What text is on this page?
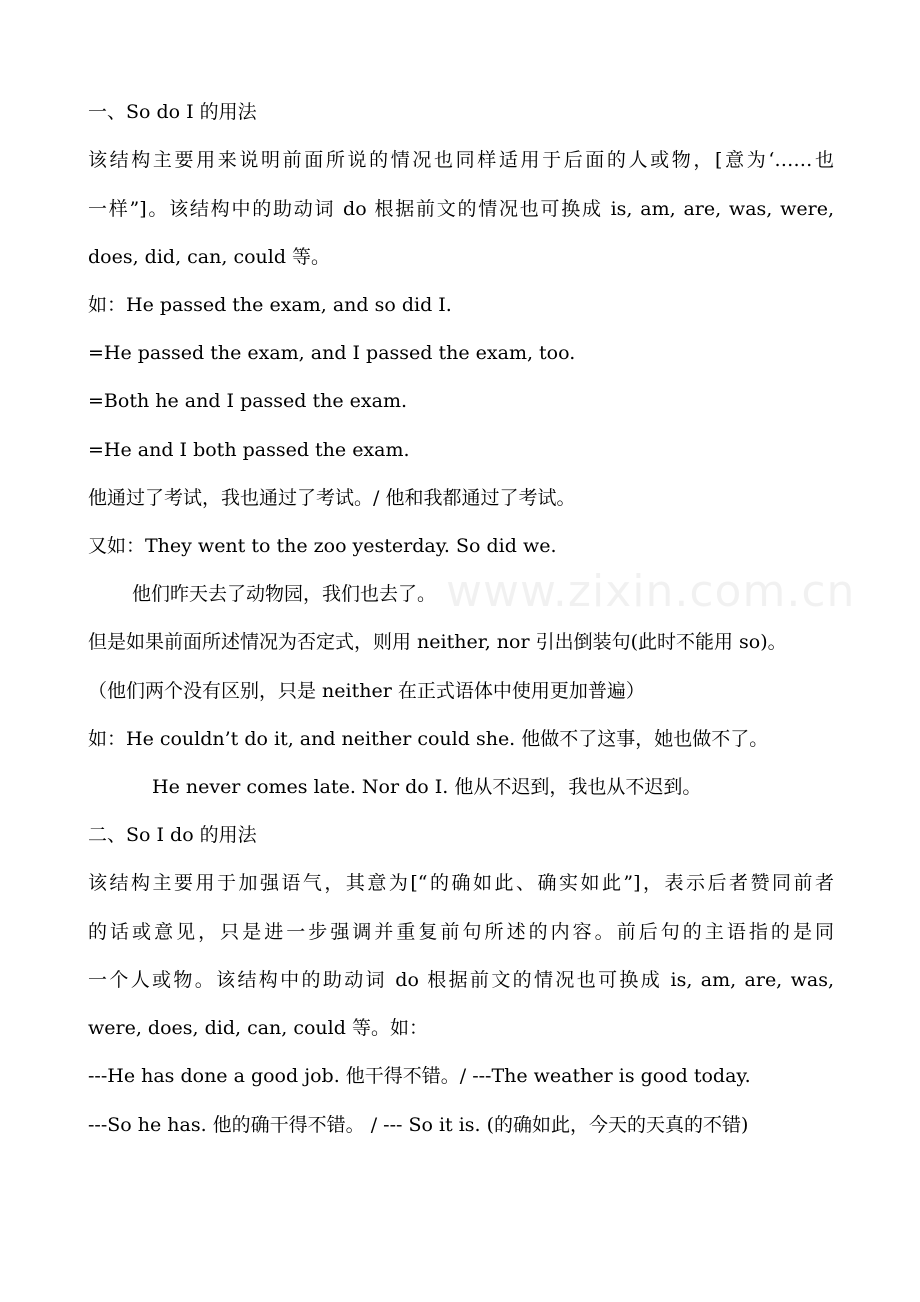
www.zixin.com.cn
一、So do I 的用法
该结构主要用来说明前面所说的情况也同样适用于后面的人或物，[意为‘……也
一样”]。该结构中的助动词 do 根据前文的情况也可换成 is, am, are, was, were,
does, did, can, could 等。
如：He passed the exam, and so did I.
=He passed the exam, and I passed the exam, too.
=Both he and I passed the exam.
=He and I both passed the exam.
他通过了考试，我也通过了考试。/ 他和我都通过了考试。
又如：They went to the zoo yesterday. So did we.
他们昨天去了动物园，我们也去了。
但是如果前面所述情况为否定式，则用 neither, nor 引出倒装句(此时不能用 so)。
（他们两个没有区别，只是 neither 在正式语体中使用更加普遍）
如：He couldn’t do it, and neither could she. 他做不了这事，她也做不了。
He never comes late. Nor do I. 他从不迟到，我也从不迟到。
二、So I do 的用法
该结构主要用于加强语气，其意为[“的确如此、确实如此”]，表示后者赞同前者
的话或意见，只是进一步强调并重复前句所述的内容。前后句的主语指的是同
一个人或物。该结构中的助动词 do 根据前文的情况也可换成 is, am, are, was,
were, does, did, can, could 等。如：
---He has done a good job. 他干得不错。/ ---The weather is good today.
---So he has. 他的确干得不错。 / --- So it is. (的确如此，今天的天真的不错)
